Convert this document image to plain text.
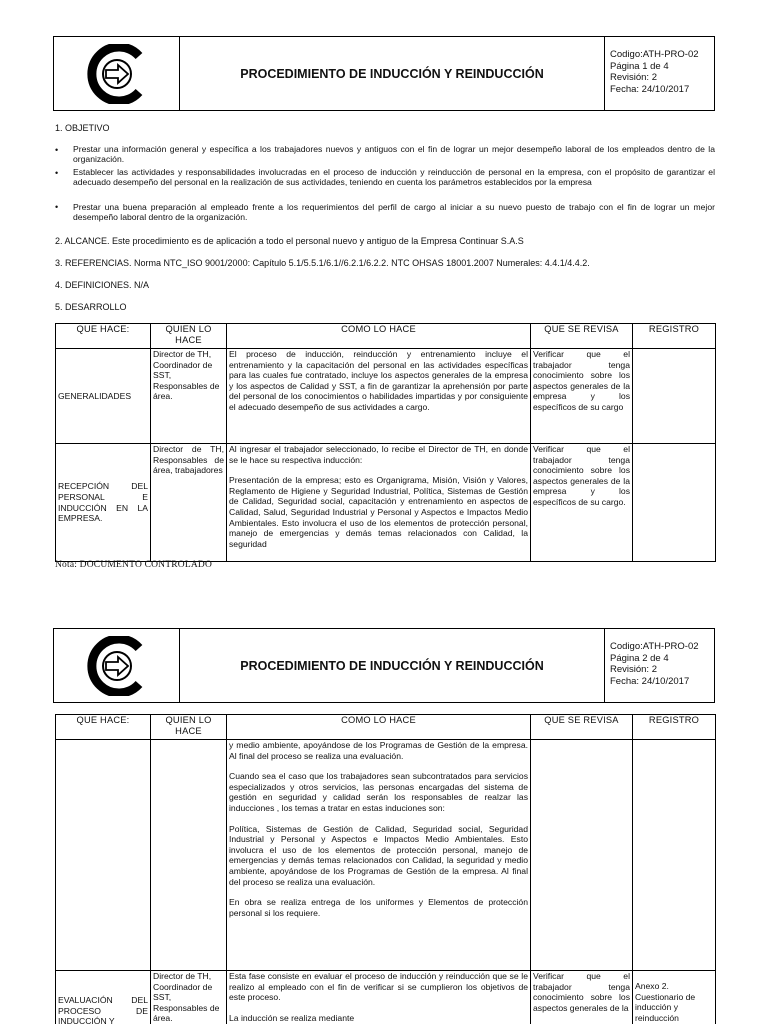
PROCEDIMIENTO DE INDUCCIÓN Y REINDUCCIÓN
Codigo:ATH-PRO-02
Página 1 de 4
Revisión: 2
Fecha: 24/10/2017
1. OBJETIVO
• Prestar una información general y específica a los trabajadores nuevos y antiguos con el fin de lograr un mejor desempeño laboral de los empleados dentro de la organización.
• Establecer las actividades y responsabilidades involucradas en el proceso de inducción y reinducción de personal en la empresa, con el propósito de garantizar el adecuado desempeño del personal en la realización de sus actividades, teniendo en cuenta los parámetros establecidos por la empresa
• Prestar una buena preparación al empleado frente a los requerimientos del perfil de cargo al iniciar a su nuevo puesto de trabajo con el fin de lograr un mejor desempeño laboral dentro de la organización.
2. ALCANCE. Este procedimiento es de aplicación a todo el personal nuevo y antiguo de la Empresa Continuar S.A.S
3. REFERENCIAS. Norma NTC_ISO 9001/2000: Capítulo 5.1/5.5.1/6.1//6.2.1/6.2.2. NTC OHSAS 18001.2007 Numerales: 4.4.1/4.4.2.
4. DEFINICIONES. N/A
5. DESARROLLO
QUE HACE:	QUIEN LO HACE	COMO LO HACE	QUE SE REVISA	REGISTRO
GENERALIDADES	Director de TH, Coordinador de SST, Responsables de área.	El proceso de inducción, reinducción y entrenamiento incluye el entrenamiento y la capacitación del personal en las actividades específicas para las cuales fue contratado, incluye los aspectos generales de la empresa y los aspectos de Calidad y SST, a fin de garantizar la aprehensión por parte del personal de los conocimientos o habilidades impartidas y por consiguiente el adecuado desempeño de sus actividades a cargo.	Verificar que el trabajador tenga conocimiento sobre los aspectos generales de la empresa y los específicos de su cargo	
RECEPCIÓN DEL PERSONAL E INDUCCIÓN EN LA EMPRESA.	Director de TH, Responsables de área, trabajadores	Al ingresar el trabajador seleccionado, lo recibe el Director de TH, en donde se le hace su respectiva inducción:
Presentación de la empresa; esto es Organigrama, Misión, Visión y Valores, Reglamento de Higiene y Seguridad Industrial, Política, Sistemas de Gestión de Calidad, Seguridad social, capacitación y entrenamiento en aspectos de Calidad, Salud, Seguridad Industrial y Personal y Aspectos e Impactos Medio Ambientales. Esto involucra el uso de los elementos de protección personal, manejo de emergencias y demás temas relacionados con Calidad, la seguridad	Verificar que el trabajador tenga conocimiento sobre los aspectos generales de la empresa y los específicos de su cargo.	
Nota: DOCUMENTO CONTROLADO
PROCEDIMIENTO DE INDUCCIÓN Y REINDUCCIÓN
Codigo:ATH-PRO-02
Página 2 de 4
Revisión: 2
Fecha: 24/10/2017
QUE HACE:	QUIEN LO HACE	COMO LO HACE	QUE SE REVISA	REGISTRO

		y medio ambiente, apoyándose de los Programas de Gestión de la empresa. Al final del proceso se realiza una evaluación.
Cuando sea el caso que los trabajadores sean subcontratados para servicios especializados y otros servicios, las personas encargadas del sistema de gestión en seguridad y calidad serán los responsables de realzar las inducciones , los temas a tratar en estas induciones son:
Política, Sistemas de Gestión de Calidad, Seguridad social, Seguridad Industrial y Personal y Aspectos e Impactos Medio Ambientales. Esto involucra el uso de los elementos de protección personal, manejo de emergencias y demás temas relacionados con Calidad, la seguridad y medio ambiente, apoyándose de los Programas de Gestión de la empresa. Al final del proceso se realiza una evaluación.
En obra se realiza entrega de los uniformes y Elementos de protección personal si los requiere.		

EVALUACIÓN DEL PROCESO DE INDUCCIÓN Y	Director de TH, Coordinador de SST, Responsables de área.	Esta fase consiste en evaluar el proceso de inducción y reinducción que se le realizo al empleado con el fin de verificar si se cumplieron los objetivos de este proceso.
La inducción se realiza mediante	Verificar que el trabajador tenga conocimiento sobre los aspectos generales de la	Anexo 2. Cuestionario de inducción y reinducción
